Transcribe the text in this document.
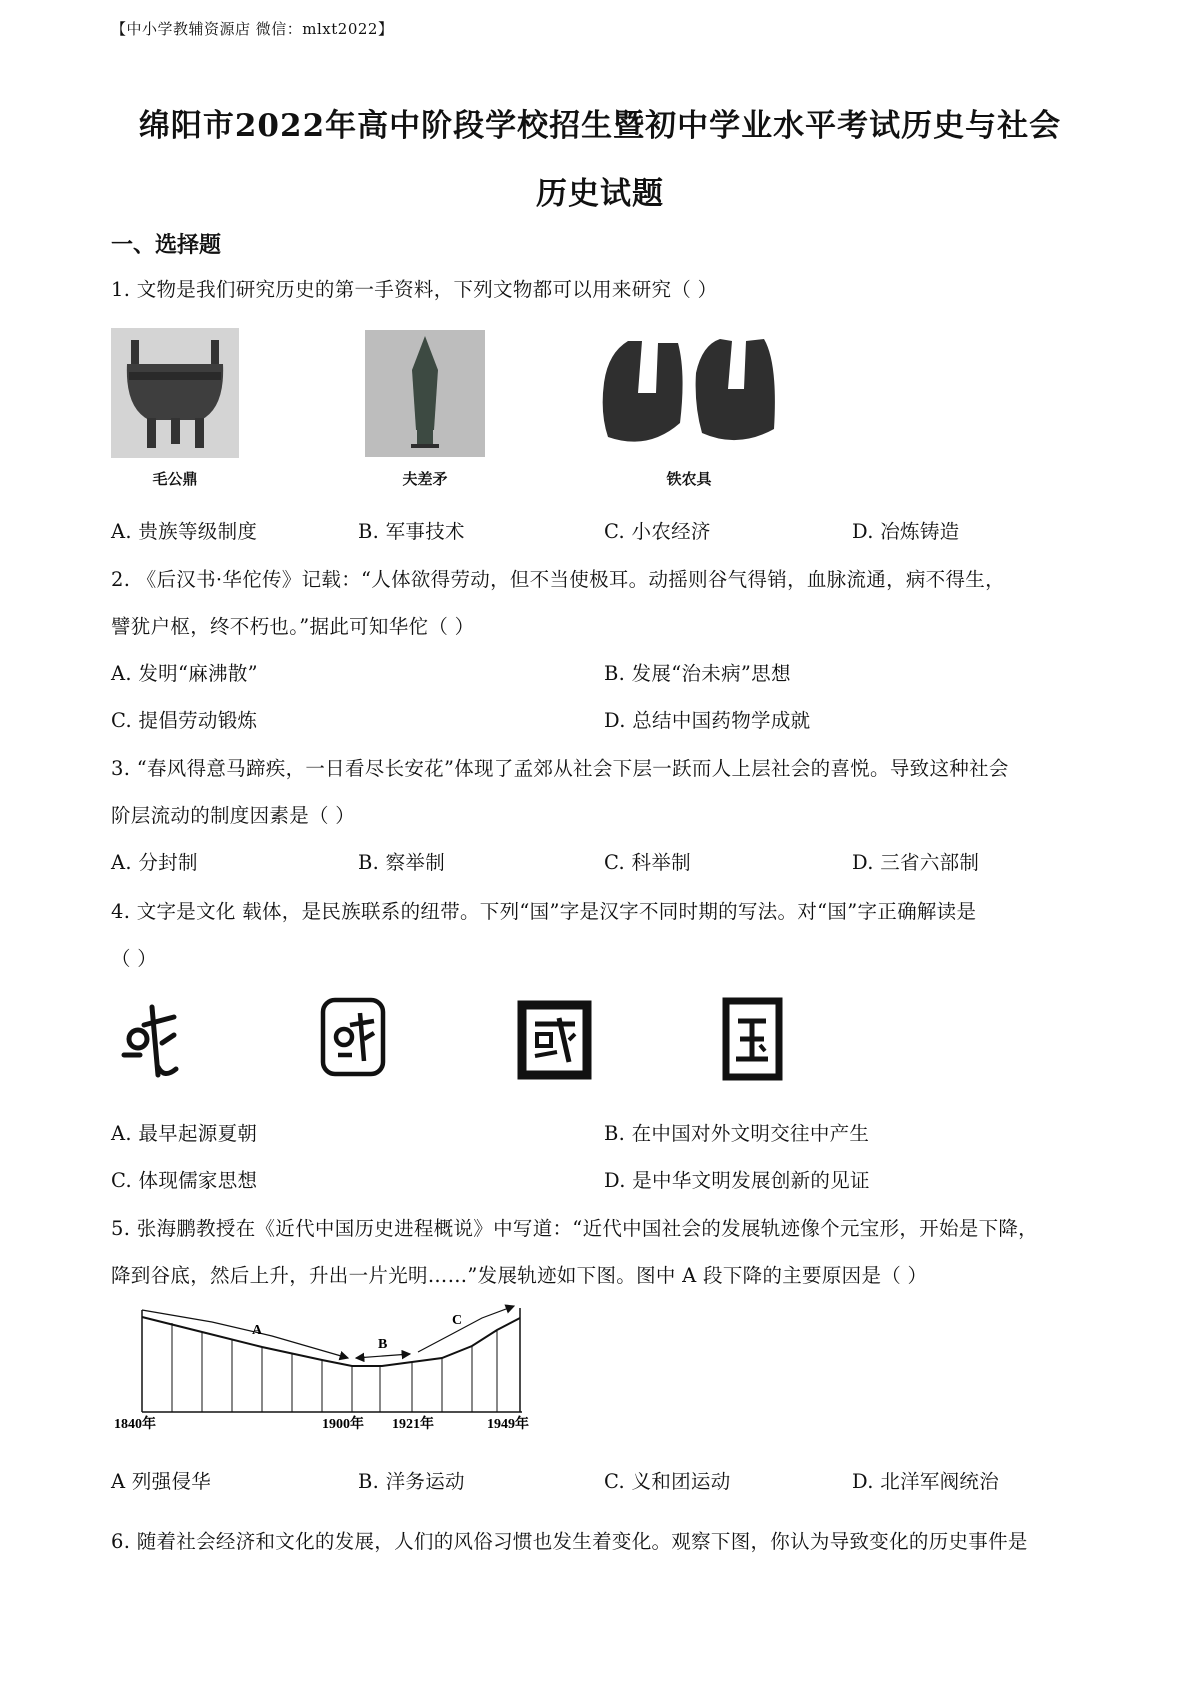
【中小学教辅资源店 微信：mlxt2022】
绵阳市2022年高中阶段学校招生暨初中学业水平考试历史与社会
历史试题
一、选择题
1. 文物是我们研究历史的第一手资料，下列文物都可以用来研究（ ）
毛公鼎	夫差矛	铁农具
A. 贵族等级制度	B. 军事技术	C. 小农经济	D. 冶炼铸造
2. 《后汉书·华佗传》记载：“人体欲得劳动，但不当使极耳。动摇则谷气得销，血脉流通，病不得生，
譬犹户枢，终不朽也。”据此可知华佗（ ）
A. 发明“麻沸散”	B. 发展“治未病”思想
C. 提倡劳动锻炼	D. 总结中国药物学成就
3. “春风得意马蹄疾，一日看尽长安花”体现了孟郊从社会下层一跃而人上层社会的喜悦。导致这种社会
阶层流动的制度因素是（ ）
A. 分封制	B. 察举制	C. 科举制	D. 三省六部制
4. 文字是文化 载体，是民族联系的纽带。下列“国”字是汉字不同时期的写法。对“国”字正确解读是
（ ）
A. 最早起源夏朝	B. 在中国对外文明交往中产生
C. 体现儒家思想	D. 是中华文明发展创新的见证
5. 张海鹏教授在《近代中国历史进程概说》中写道：“近代中国社会的发展轨迹像个元宝形，开始是下降，
降到谷底，然后上升，升出一片光明……”发展轨迹如下图。图中 A 段下降的主要原因是（ ）
A
B
C
1840年	1900年 1921年	1949年
A 列强侵华	B. 洋务运动	C. 义和团运动	D. 北洋军阀统治
6. 随着社会经济和文化的发展，人们的风俗习惯也发生着变化。观察下图，你认为导致变化的历史事件是
